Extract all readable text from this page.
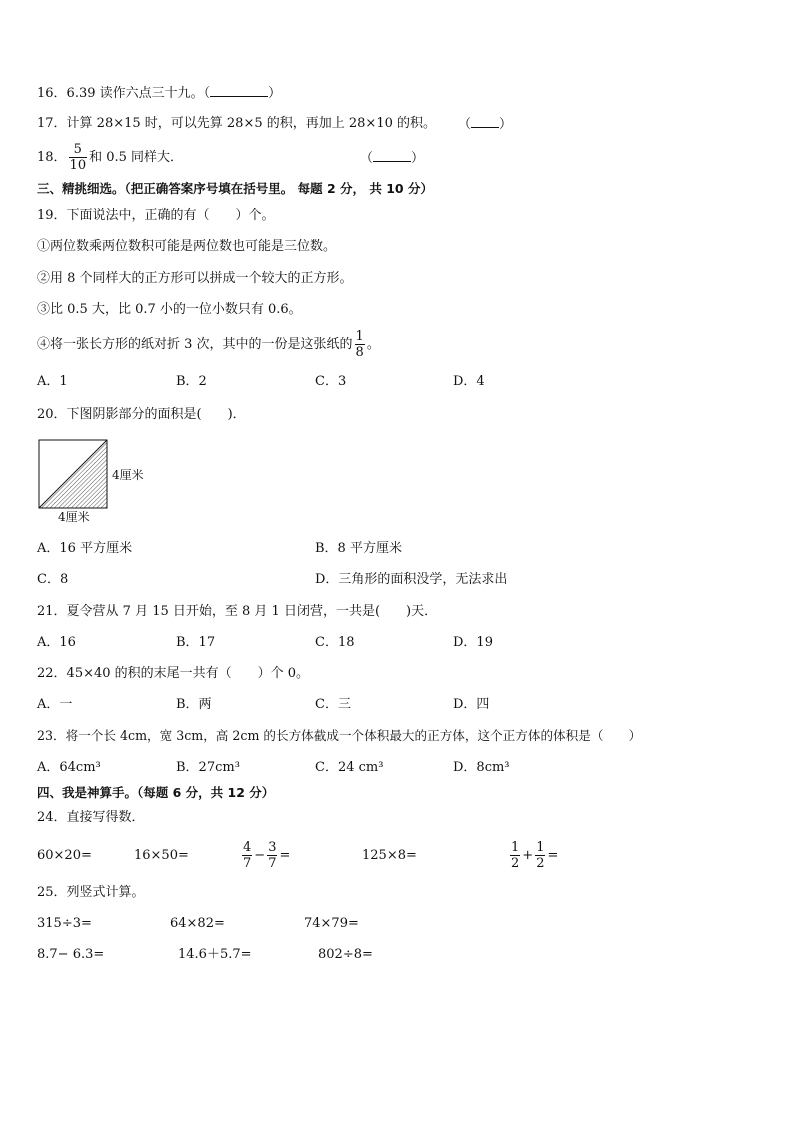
16．6.39 读作六点三十九。（	）
17．计算 28×15 时，可以先算 28×5 的积，再加上 28×10 的积。 （ ）
18． $\frac{5}{10}$ 和 0.5 同样大．	（	）
三、精挑细选。（把正确答案序号填在括号里。 每题 2 分， 共 10 分）
19．下面说法中，正确的有（　　）个。
①两位数乘两位数积可能是两位数也可能是三位数。
②用 8 个同样大的正方形可以拼成一个较大的正方形。
③比 0.5 大，比 0.7 小的一位小数只有 0.6。
④将一张长方形的纸对折 3 次，其中的一份是这张纸的 $\frac{1}{8}$ 。
A．1	B．2	C．3	D．4
20．下图阴影部分的面积是(　　)．
4厘米
4厘米
A．16 平方厘米	B．8 平方厘米
C．8	D．三角形的面积没学，无法求出
21．夏令营从 7 月 15 日开始，至 8 月 1 日闭营，一共是(　　)天．
A．16	B．17	C．18	D．19
22．45×40 的积的末尾一共有（　　）个 0。
A．一	B．两	C．三	D．四
23．将一个长 4cm，宽 3cm，高 2cm 的长方体截成一个体积最大的正方体，这个正方体的体积是（　　）
A．64cm³	B．27cm³	C．24 cm³	D．8cm³
四、我是神算手。（每题 6 分，共 12 分）
24．直接写得数．
60×20=	16×50=	$\frac{4}{7} - \frac{3}{7}$ =	125×8=	$\frac{1}{2} + \frac{1}{2}$ =
25．列竖式计算。
315÷3=	64×82=	74×79=
8.7− 6.3=	14.6＋5.7=	802÷8=
